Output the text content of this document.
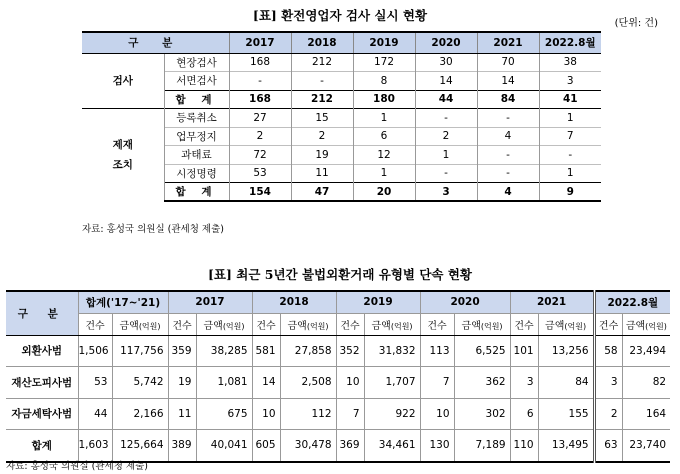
[표] 환전영업자 검사 실시 현황
(단위: 건)
구 분		2017	2018	2019	2020	2021	2022.8월
검사	현장검사	168	212	172	30	70	38
	서면검사	-	-	8	14	14	3
	합 계	168	212	180	44	84	41

제재
조치	등록취소	27	15	1	-	-	1
	업무정지	2	2	6	2	4	7
	과태료	72	19	12	1	-	-
	시정명령	53	11	1	-	-	1
	합 계	154	47	20	3	4	9
자료: 홍성국 의원실 (관세청 제출)
[표] 최근 5년간 불법외환거래 유형별 단속 현황
구 분	합계('17~'21)		2017		2018		2019		2020		2021		2022.8월	
	건수	금액(억원)	건수	금액(억원)	건수	금액(억원)	건수	금액(억원)	건수	금액(억원)	건수	금액(억원)	건수	금액(억원)
외환사범	1,506	117,756	359	38,285	581	27,858	352	31,832	113	6,525	101	13,256	58	23,494
재산도피사범	53	5,742	19	1,081	14	2,508	10	1,707	7	362	3	84	3	82
자금세탁사범	44	2,166	11	675	10	112	7	922	10	302	6	155	2	164
합계	1,603	125,664	389	40,041	605	30,478	369	34,461	130	7,189	110	13,495	63	23,740
자료: 홍성국 의원실 (관세청 제출)
